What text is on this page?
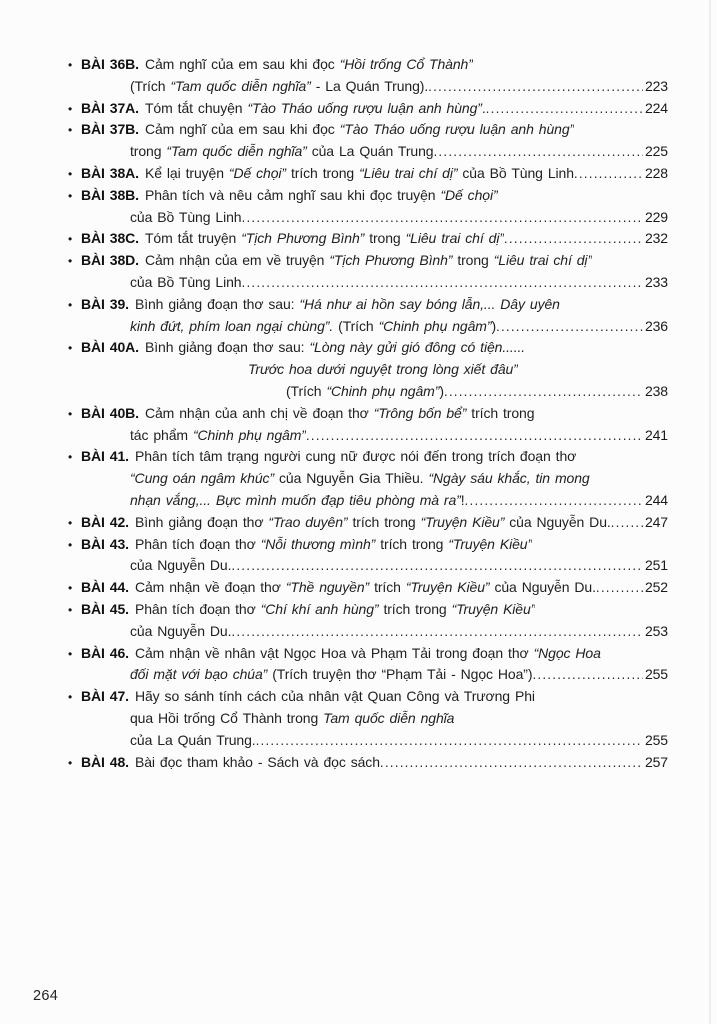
• BÀI 36B. Cảm nghĩ của em sau khi đọc “Hồi trống Cổ Thành”
(Trích “Tam quốc diễn nghĩa” - La Quán Trung). .....	223
• BÀI 37A. Tóm tắt chuyện “Tào Tháo uống rượu luận anh hùng”. .....	224
• BÀI 37B. Cảm nghĩ của em sau khi đọc “Tào Tháo uống rượu luận anh hùng”
trong “Tam quốc diễn nghĩa” của La Quán Trung .....	225
• BÀI 38A. Kể lại truyện “Dế chọi” trích trong “Liêu trai chí dị” của Bồ Tùng Linh .....	228
• BÀI 38B. Phân tích và nêu cảm nghĩ sau khi đọc truyện “Dế chọi”
của Bồ Tùng Linh .....	229
• BÀI 38C. Tóm tắt truyện “Tịch Phương Bình” trong “Liêu trai chí dị” .....	232
• BÀI 38D. Cảm nhận của em về truyện “Tịch Phương Bình” trong “Liêu trai chí dị”
của Bồ Tùng Linh .....	233
• BÀI 39. Bình giảng đoạn thơ sau: “Há như ai hồn say bóng lẫn,... Dây uyên
kinh đứt, phím loan ngại chùng”. (Trích “Chinh phụ ngâm”) .....	236
• BÀI 40A. Bình giảng đoạn thơ sau: “Lòng này gửi gió đông có tiện......
Trước hoa dưới nguyệt trong lòng xiết đâu”
(Trích “Chinh phụ ngâm”) .....	238
• BÀI 40B. Cảm nhận của anh chị về đoạn thơ “Trông bốn bể” trích trong
tác phẩm “Chinh phụ ngâm” .....	241
• BÀI 41. Phân tích tâm trạng người cung nữ được nói đến trong trích đoạn thơ
“Cung oán ngâm khúc” của Nguyễn Gia Thiều. “Ngày sáu khắc, tin mong
nhạn vắng,... Bực mình muốn đạp tiêu phòng mà ra”! .....	244
• BÀI 42. Bình giảng đoạn thơ “Trao duyên” trích trong “Truyện Kiều” của Nguyễn Du. ..... 247
• BÀI 43. Phân tích đoạn thơ “Nỗi thương mình” trích trong “Truyện Kiều”
của Nguyễn Du. .....	251
• BÀI 44. Cảm nhận về đoạn thơ “Thề nguyền” trích “Truyện Kiều” của Nguyễn Du. .....	252
• BÀI 45. Phân tích đoạn thơ “Chí khí anh hùng” trích trong “Truyện Kiều”
của Nguyễn Du. .....	253
• BÀI 46. Cảm nhận về nhân vật Ngọc Hoa và Phạm Tải trong đoạn thơ “Ngọc Hoa
đối mặt với bạo chúa” (Trích truyện thơ “Phạm Tải - Ngọc Hoa”) .....	255
• BÀI 47. Hãy so sánh tính cách của nhân vật Quan Công và Trương Phi
qua Hồi trống Cổ Thành trong Tam quốc diễn nghĩa
của La Quán Trung. .....	255
• BÀI 48. Bài đọc tham khảo - Sách và đọc sách .....	257
264
